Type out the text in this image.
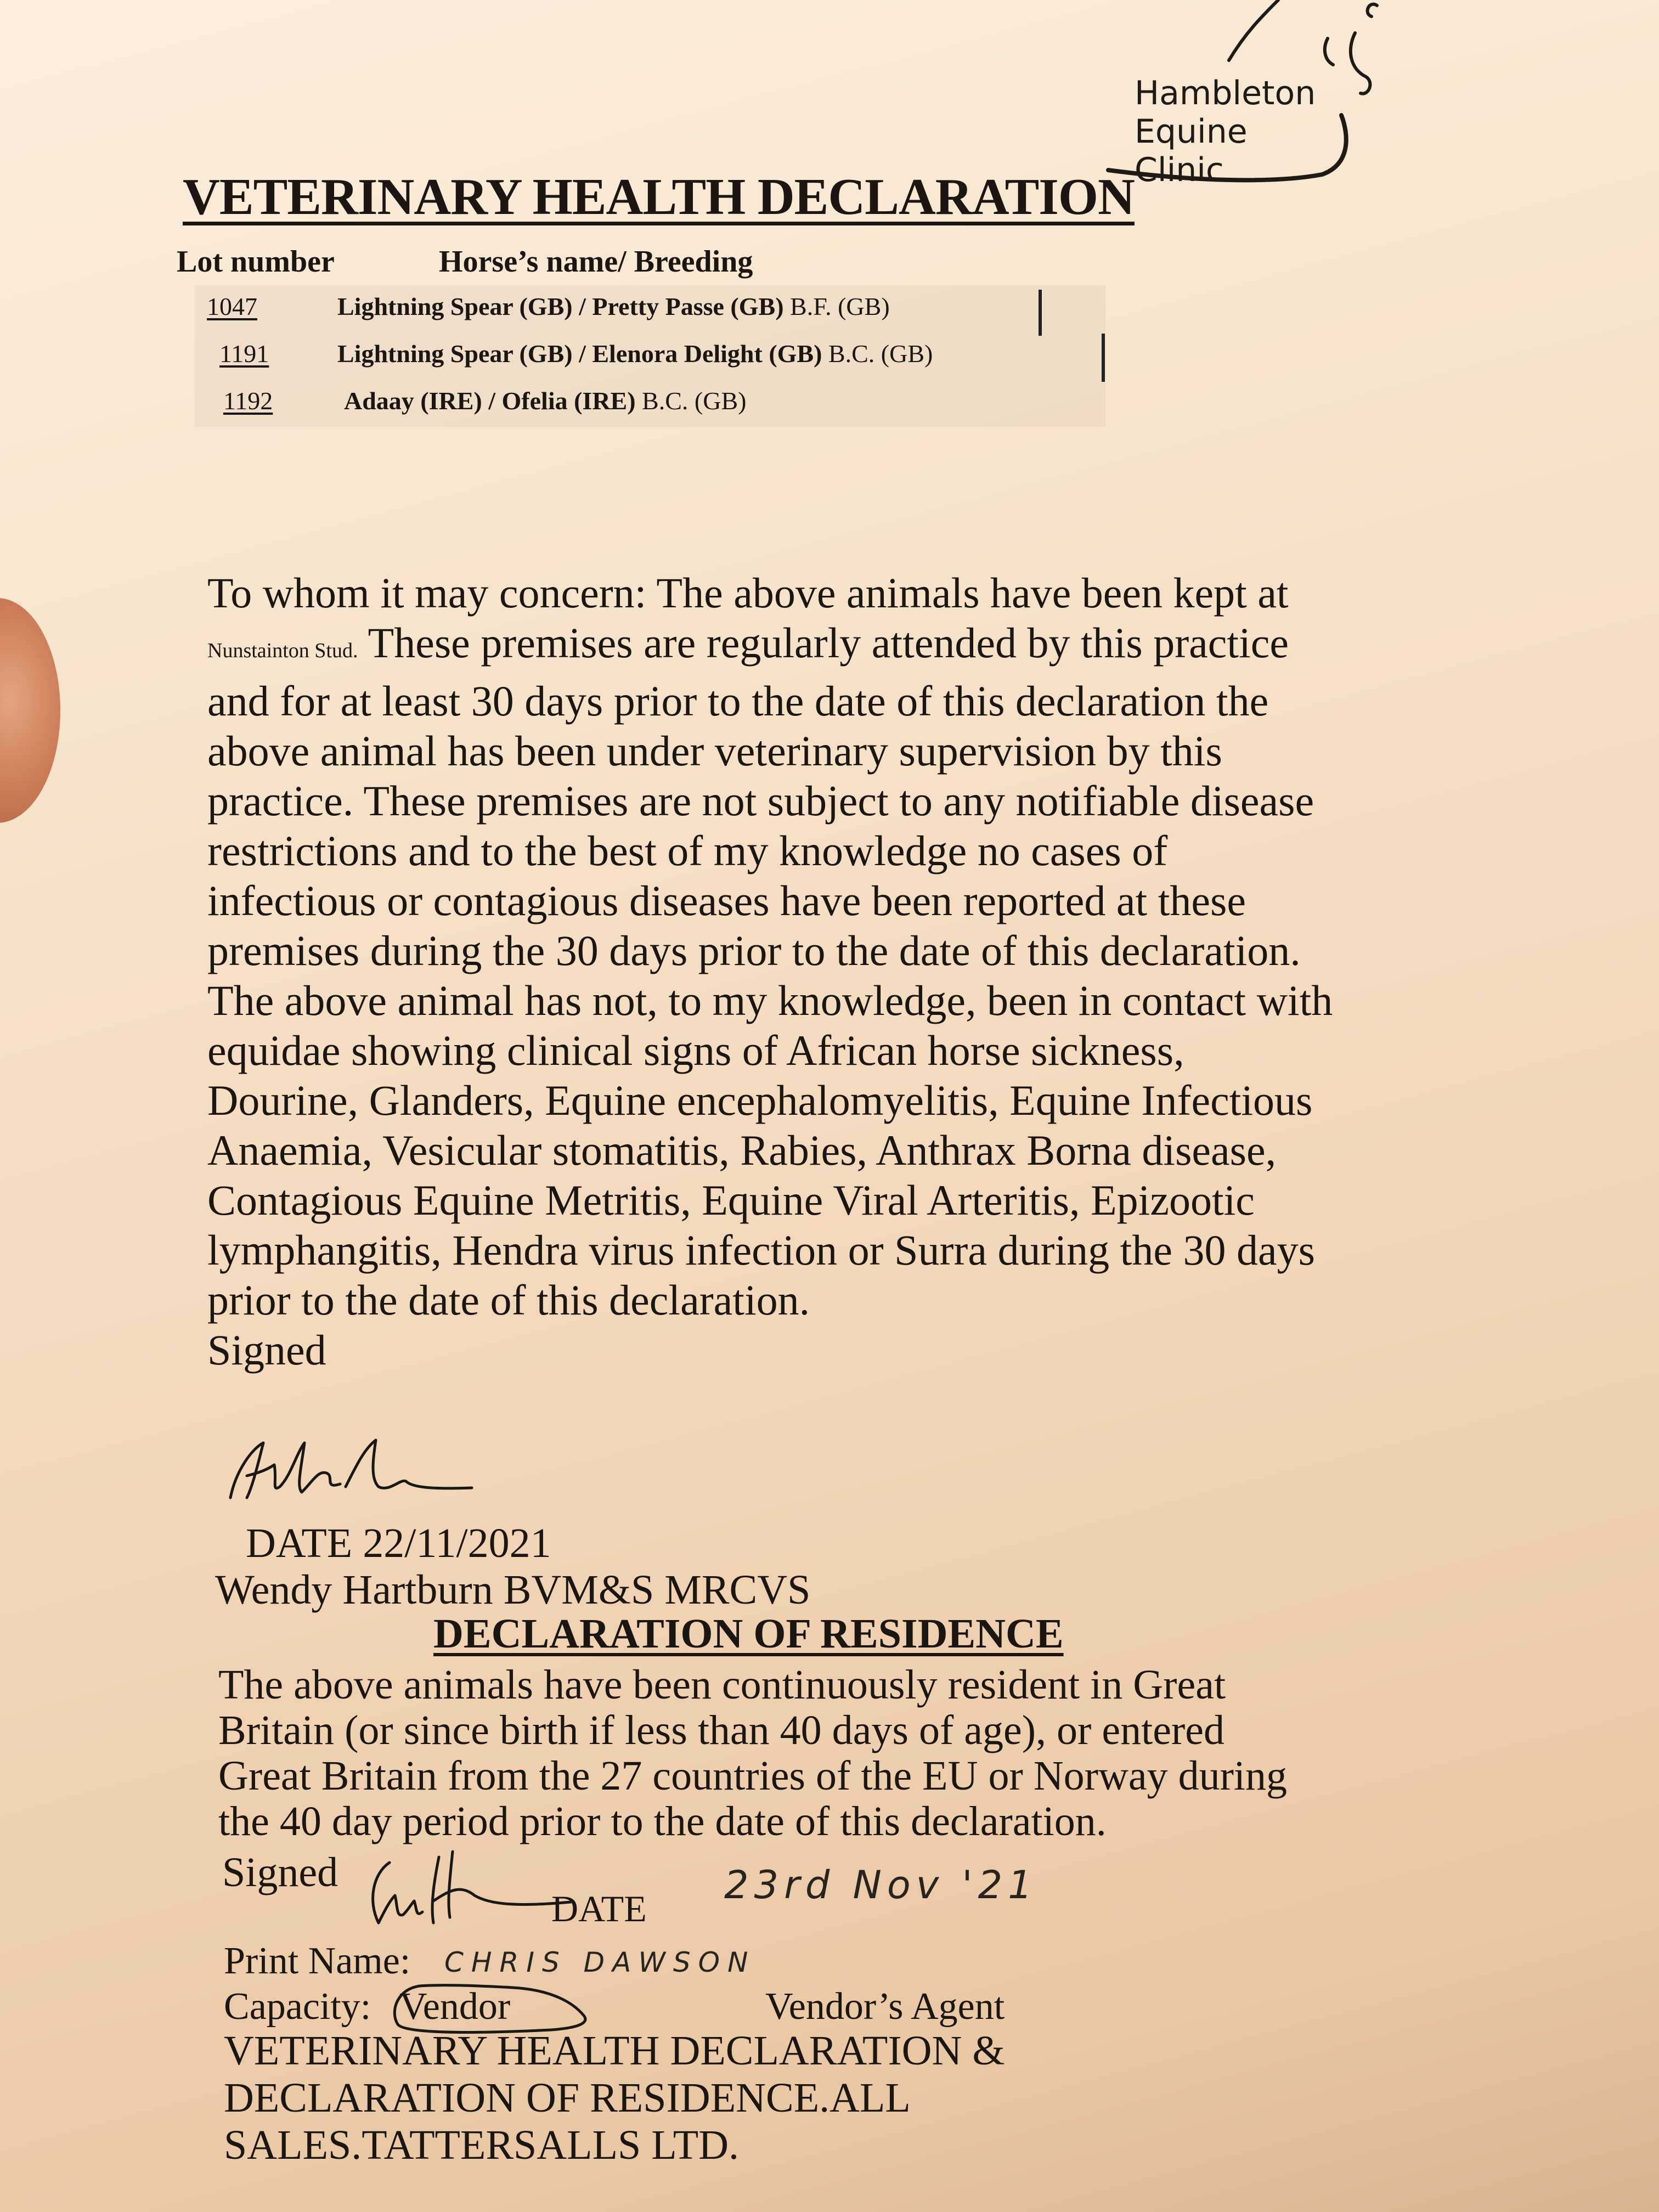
Hambleton
Equine Clinic
VETERINARY HEALTH DECLARATION
Lot number	Horse’s name/ Breeding
1047	Lightning Spear (GB) / Pretty Passe (GB) B.F. (GB)
1191	Lightning Spear (GB) / Elenora Delight (GB) B.C. (GB)
1192	Adaay (IRE) / Ofelia (IRE) B.C. (GB)

To whom it may concern: The above animals have been kept at Nunstainton Stud. These premises are regularly attended by this practice and for at least 30 days prior to the date of this declaration the above animal has been under veterinary supervision by this practice. These premises are not subject to any notifiable disease restrictions and to the best of my knowledge no cases of infectious or contagious diseases have been reported at these premises during the 30 days prior to the date of this declaration. The above animal has not, to my knowledge, been in contact with equidae showing clinical signs of African horse sickness, Dourine, Glanders, Equine encephalomyelitis, Equine Infectious Anaemia, Vesicular stomatitis, Rabies, Anthrax Borna disease, Contagious Equine Metritis, Equine Viral Arteritis, Epizootic lymphangitis, Hendra virus infection or Surra during the 30 days prior to the date of this declaration.

Signed

DATE 22/11/2021
Wendy Hartburn BVM&S MRCVS
DECLARATION OF RESIDENCE

The above animals have been continuously resident in Great Britain (or since birth if less than 40 days of age), or entered Great Britain from the 27 countries of the EU or Norway during the 40 day period prior to the date of this declaration.

Signed
DATE
23rd Nov '21
Print Name: CHRIS DAWSON
Capacity: Vendor	Vendor’s Agent

VETERINARY HEALTH DECLARATION &

DECLARATION OF RESIDENCE.ALL

SALES.TATTERSALLS LTD.
